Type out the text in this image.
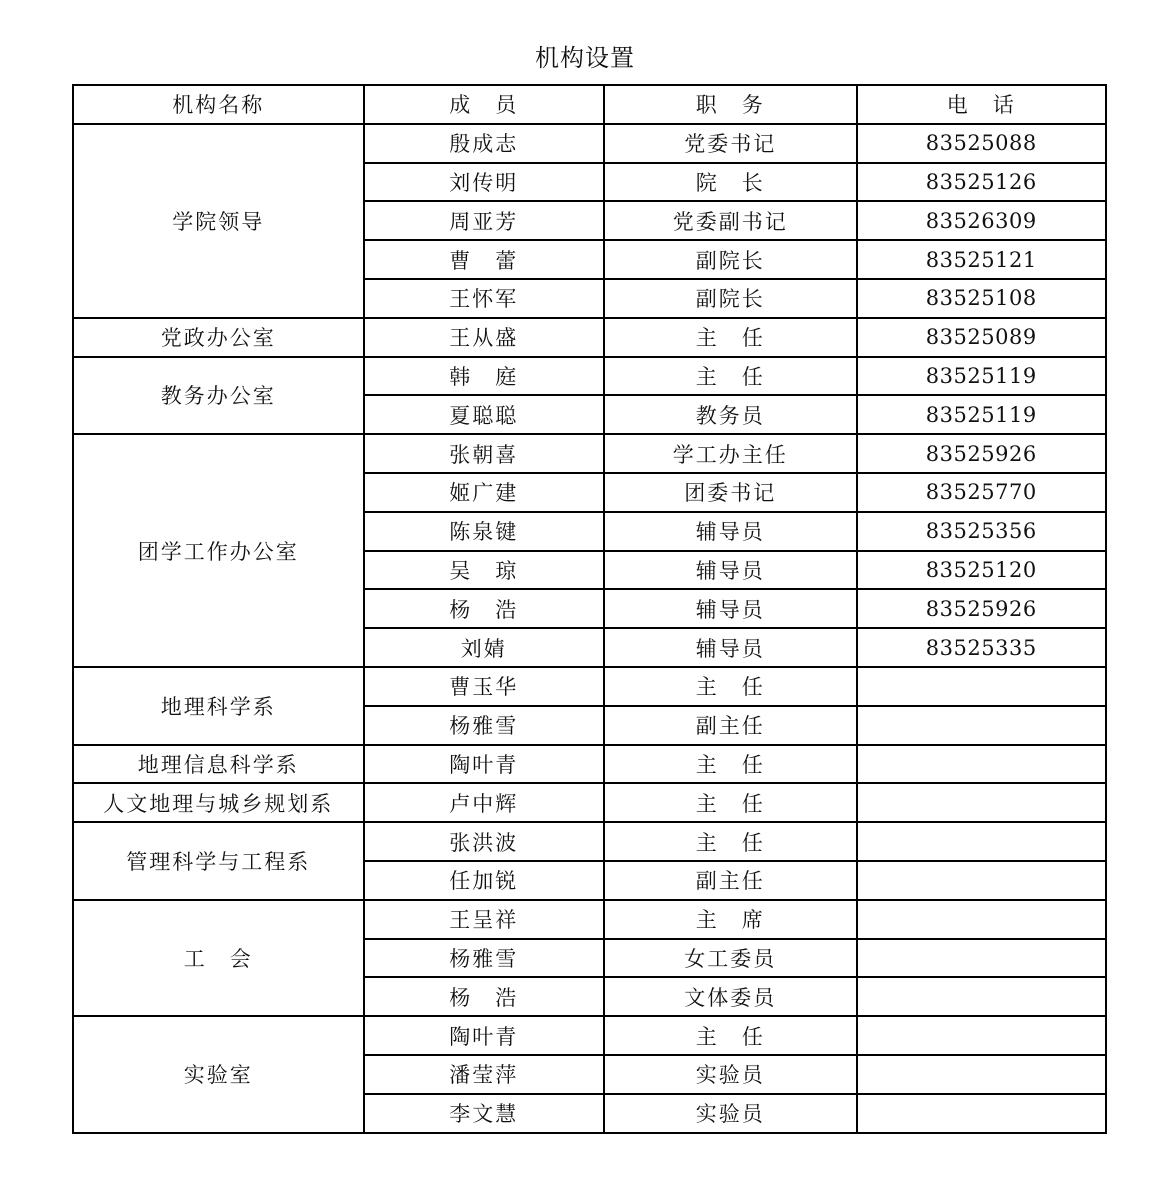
机构设置
机构名称	成　员	职　务	电　话
学院领导	殷成志	党委书记	83525088
	刘传明	院　长	83525126
	周亚芳	党委副书记	83526309
	曹　蕾	副院长	83525121
	王怀军	副院长	83525108
党政办公室	王从盛	主　任	83525089
教务办公室	韩　庭	主　任	83525119
	夏聪聪	教务员	83525119
团学工作办公室	张朝喜	学工办主任	83525926
	姬广建	团委书记	83525770
	陈泉键	辅导员	83525356
	吴　琼	辅导员	83525120
	杨　浩	辅导员	83525926
	刘婧	辅导员	83525335
地理科学系	曹玉华	主　任	
	杨雅雪	副主任	
地理信息科学系	陶叶青	主　任	
人文地理与城乡规划系	卢中辉	主　任	
管理科学与工程系	张洪波	主　任	
	任加锐	副主任	
工　会	王呈祥	主　席	
	杨雅雪	女工委员	
	杨　浩	文体委员	
实验室	陶叶青	主　任	
	潘莹萍	实验员	
	李文慧	实验员	
